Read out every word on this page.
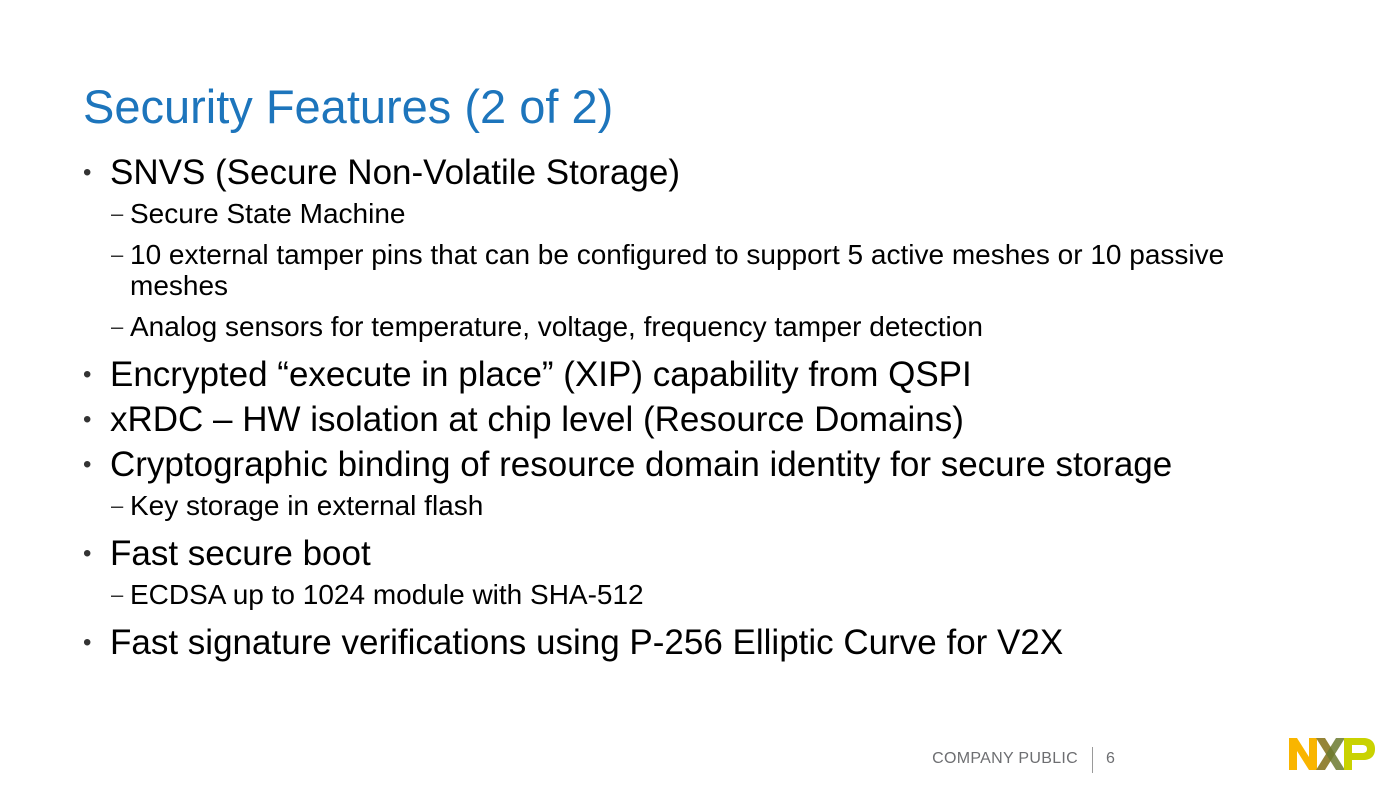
Security Features (2 of 2)
• SNVS (Secure Non-Volatile Storage)
– Secure State Machine
– 10 external tamper pins that can be configured to support 5 active meshes or 10 passive meshes
– Analog sensors for temperature, voltage, frequency tamper detection
• Encrypted “execute in place” (XIP) capability from QSPI
• xRDC – HW isolation at chip level (Resource Domains)
• Cryptographic binding of resource domain identity for secure storage
– Key storage in external flash
• Fast secure boot
– ECDSA up to 1024 module with SHA-512
• Fast signature verifications using P-256 Elliptic Curve for V2X
COMPANY PUBLIC 6
